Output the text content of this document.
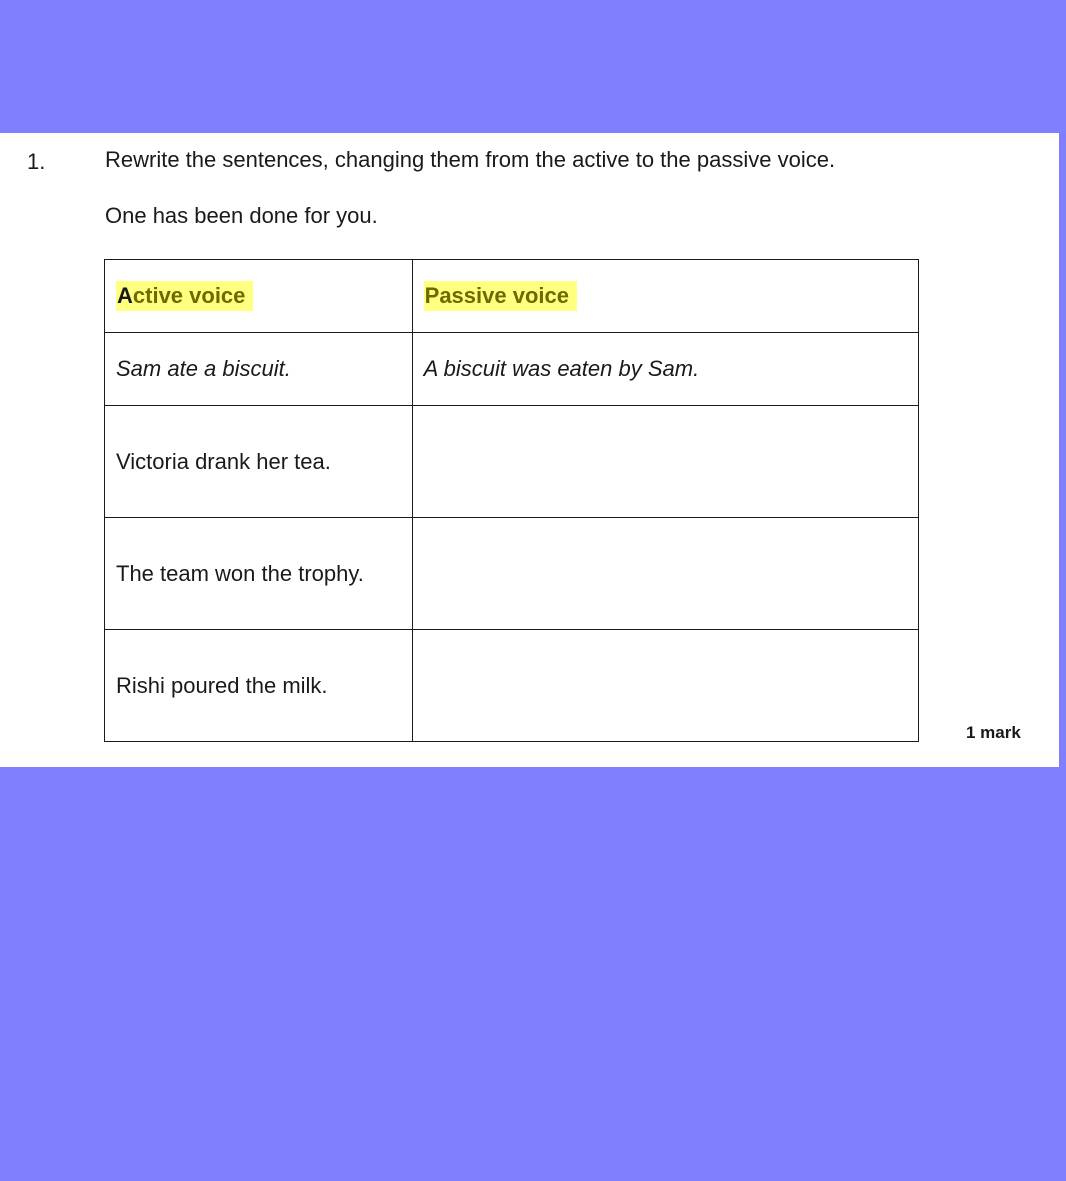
1.	Rewrite the sentences, changing them from the active to the passive voice.
One has been done for you.
Active voice	Passive voice
Sam ate a biscuit.	A biscuit was eaten by Sam.
Victoria drank her tea.	
The team won the trophy.	
Rishi poured the milk.	
1 mark
